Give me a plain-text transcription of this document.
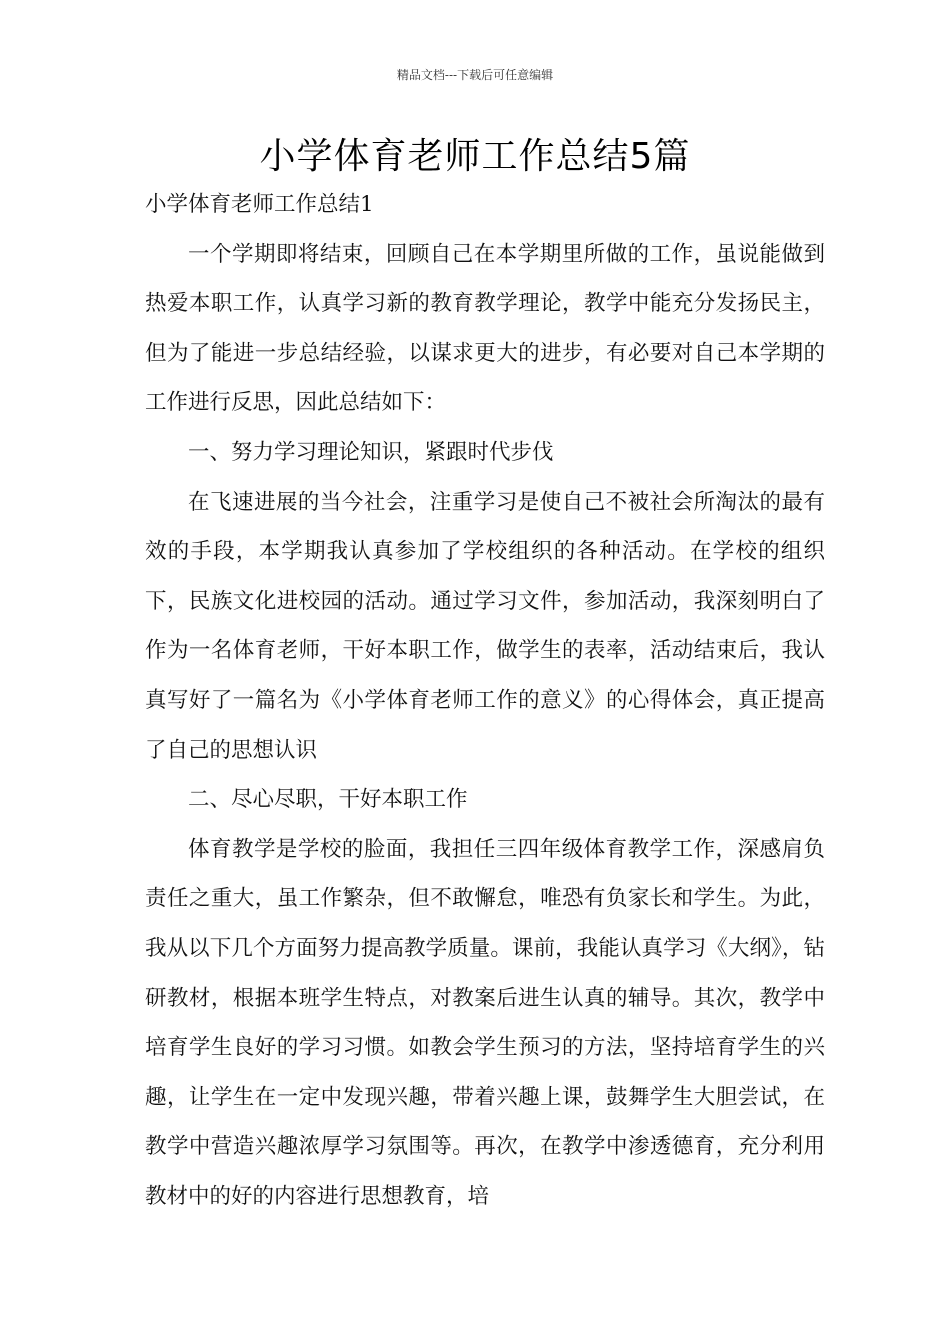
精品文档---下载后可任意编辑
小学体育老师工作总结5篇

小学体育老师工作总结1

一个学期即将结束，回顾自己在本学期里所做的工作，虽说能做到热爱本职工作，认真学习新的教育教学理论，教学中能充分发扬民主，但为了能进一步总结经验，以谋求更大的进步，有必要对自己本学期的工作进行反思，因此总结如下：

一、努力学习理论知识，紧跟时代步伐

在飞速进展的当今社会，注重学习是使自己不被社会所淘汰的最有效的手段，本学期我认真参加了学校组织的各种活动。在学校的组织下，民族文化进校园的活动。通过学习文件，参加活动，我深刻明白了作为一名体育老师，干好本职工作，做学生的表率，活动结束后，我认真写好了一篇名为《小学体育老师工作的意义》的心得体会，真正提高了自己的思想认识

二、尽心尽职，干好本职工作

体育教学是学校的脸面，我担任三四年级体育教学工作，深感肩负责任之重大，虽工作繁杂，但不敢懈怠，唯恐有负家长和学生。为此，我从以下几个方面努力提高教学质量。课前，我能认真学习《大纲》，钻研教材，根据本班学生特点，对教案后进生认真的辅导。其次，教学中培育学生良好的学习习惯。如教会学生预习的方法，坚持培育学生的兴趣，让学生在一定中发现兴趣，带着兴趣上课，鼓舞学生大胆尝试，在教学中营造兴趣浓厚学习氛围等。再次，在教学中渗透德育，充分利用教材中的好的内容进行思想教育，培
